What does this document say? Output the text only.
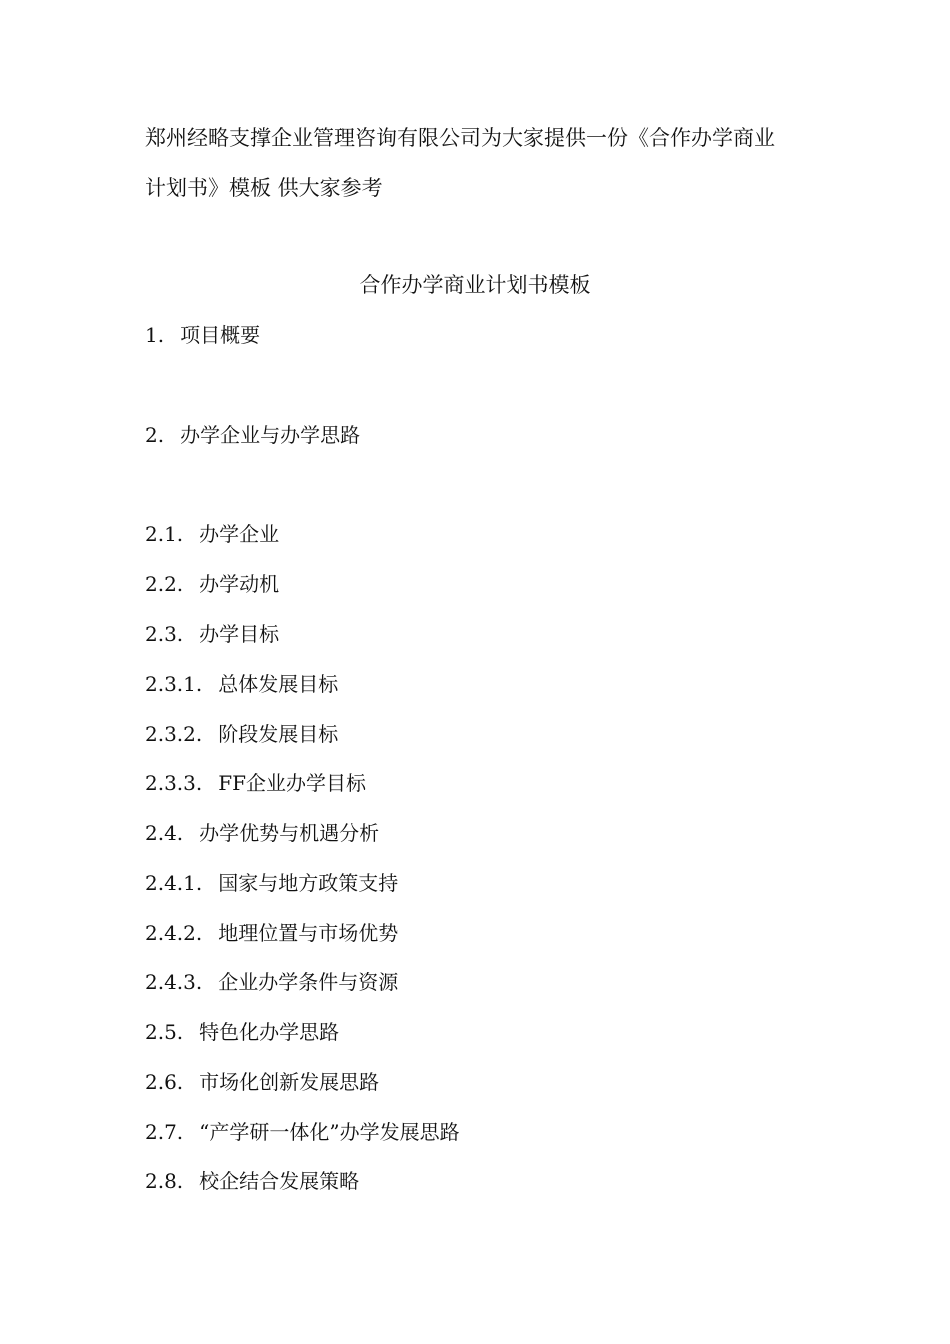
郑州经略支撑企业管理咨询有限公司为大家提供一份《合作办学商业
计划书》模板 供大家参考
合作办学商业计划书模板
1. 项目概要
2. 办学企业与办学思路
2.1. 办学企业
2.2. 办学动机
2.3. 办学目标
2.3.1. 总体发展目标
2.3.2. 阶段发展目标
2.3.3. FF企业办学目标
2.4. 办学优势与机遇分析
2.4.1. 国家与地方政策支持
2.4.2. 地理位置与市场优势
2.4.3. 企业办学条件与资源
2.5. 特色化办学思路
2.6. 市场化创新发展思路
2.7. “产学研一体化”办学发展思路
2.8. 校企结合发展策略
